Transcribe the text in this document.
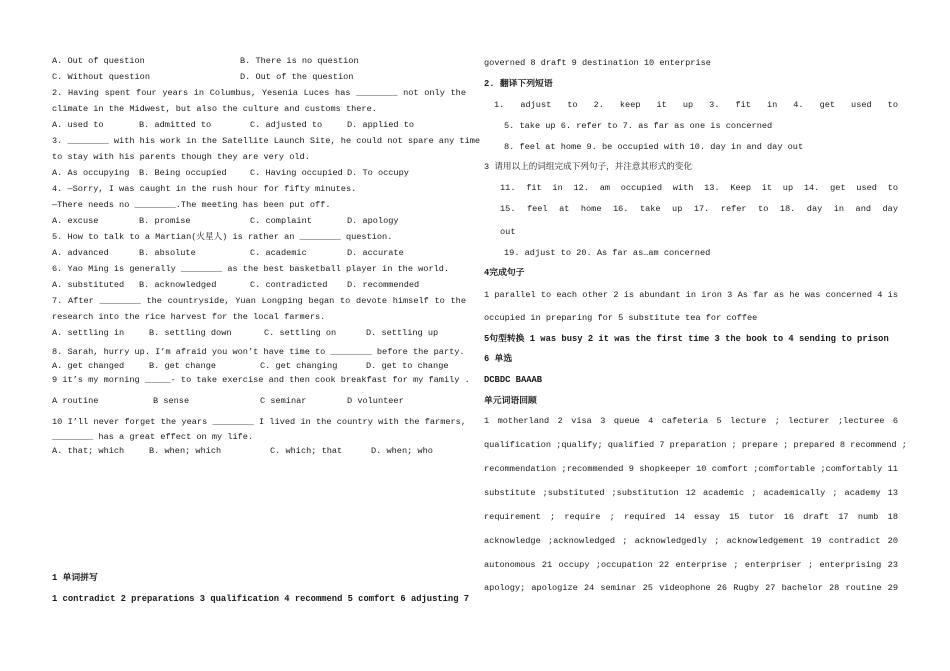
A. Out of question	B. There is no question
C. Without question	D. Out of the question
2. Having spent four years in Columbus, Yesenia Luces has ________ not only the
climate in the Midwest, but also the culture and customs there.
A. used to	B. admitted to	C. adjusted to	D. applied to
3. ________ with his work in the Satellite Launch Site, he could not spare any time
to stay with his parents though they are very old.
A. As occupying B. Being occupied	C. Having occupied D. To occupy
4. —Sorry, I was caught in the rush hour for fifty minutes.
—There needs no ________.The meeting has been put off.
A. excuse	B. promise	C. complaint	D. apology
5. How to talk to a Martian(火星人) is rather an ________ question.
A. advanced	B. absolute	C. academic	D. accurate
6. Yao Ming is generally ________ as the best basketball player in the world.
A. substituted B. acknowledged	C. contradicted D. recommended
7. After ________ the countryside, Yuan Longping began to devote himself to the
research into the rice harvest for the local farmers.
A. settling in	B. settling down	C. settling on	D. settling up
8. Sarah, hurry up. I’m afraid you won’t have time to ________ before the party.
A. get changed	B. get change	C. get changing	D. get to change
9 it’s my morning _____- to take exercise and then cook breakfast for my family .
A routine	B sense	C seminar	D volunteer
10 I’ll never forget the years ________ I lived in the country with the farmers,
________ has a great effect on my life.
A. that; which	B. when; which	C. which; that	D. when; who
1 单词拼写
1 contradict 2 preparations 3 qualification 4 recommend 5 comfort 6 adjusting 7
governed 8 draft 9 destination 10 enterprise
2. 翻译下列短语
1. adjust to 2. keep it up 3. fit in 4. get used to
5. take up 6. refer to 7. as far as one is concerned
8. feel at home 9. be occupied with 10. day in and day out
3 请用以上的词组完成下列句子，并注意其形式的变化
11. fit in 12. am occupied with 13. Keep it up 14. get used to
15. feel at home 16. take up 17. refer to 18. day in and day
out
19. adjust to 20. As far as…am concerned
4完成句子
1 parallel to each other 2 is abundant in iron 3 As far as he was concerned 4 is
occupied in preparing for 5 substitute tea for coffee
5句型转换 1 was busy 2 it was the first time 3 the book to 4 sending to prison
6 单选
DCBDC BAAAB
单元词语回顾
1 motherland 2 visa 3 queue 4 cafeteria 5 lecture ; lecturer ;lecturee 6
qualification ;qualify; qualified 7 preparation ; prepare ; prepared 8 recommend ;
recommendation ;recommended 9 shopkeeper 10 comfort ;comfortable ;comfortably 11
substitute ;substituted ;substitution 12 academic ; academically ; academy 13
requirement ; require ; required 14 essay 15 tutor 16 draft 17 numb 18
acknowledge ;acknowledged ; acknowledgedly ; acknowledgement 19 contradict 20
autonomous 21 occupy ;occupation 22 enterprise ; enterpriser ; enterprising 23
apology; apologize 24 seminar 25 videophone 26 Rugby 27 bachelor 28 routine 29
